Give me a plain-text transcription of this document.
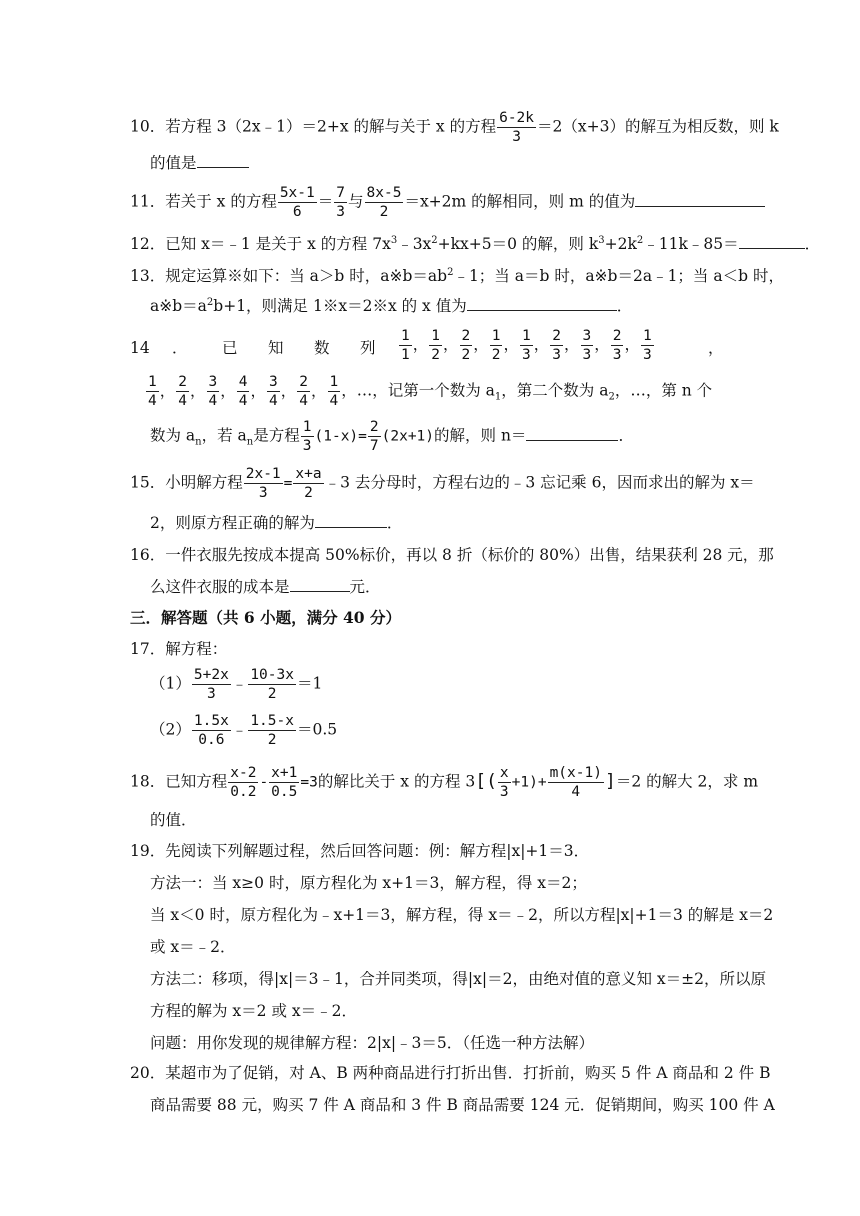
10．若方程 3（2x﹣1）＝2+x 的解与关于 x 的方程 $\frac{6-2k}{3} =2(x+3)$的解互为相反数，则 k
的值是
11．若关于 x 的方程 $\frac{5x-1}{6} = \frac{7}{3}$ 与 $\frac{8x-5}{2} =x+2m$ 的解相同，则 m 的值为
12．已知 x＝﹣1 是关于 x 的方程 $7x^3﹣3x^2+kx+5=0$ 的解，则 $k^3+2k^2﹣11k﹣85=$	．
13．规定运算※如下：当 a＞b 时，$a※b=ab^2﹣1$；当 a＝b 时，a※b＝2a﹣1；当 a＜b 时，
$a※b=a^2b+1$，则满足 1※x＝2※x 的 x 值为	．
14 ． 已 知 数 列 $\frac{1}{1}$ ， $\frac{1}{2}$ ， $\frac{2}{2}$ ， $\frac{1}{2}$ ， $\frac{1}{3}$ ， $\frac{2}{3}$ ， $\frac{3}{3}$ ， $\frac{2}{3}$ ， $\frac{1}{3}$	，
$\frac{1}{4}$ ， $\frac{2}{4}$ ， $\frac{3}{4}$ ， $\frac{4}{4}$ ， $\frac{3}{4}$ ， $\frac{2}{4}$ ， $\frac{1}{4}$ ，…，记第一个数为 $a_1$，第二个数为 $a_2$，…，第 n 个
数为 $a_n$，若 $a_n$是方程 $\frac{1}{3} (1-x)= \frac{2}{7} (2x+1)$的解，则 n＝	．
15．小明解方程 $\frac{2x-1}{3} = \frac{x+a}{2}$ ﹣3 去分母时，方程右边的﹣3 忘记乘 6，因而求出的解为 x＝
2，则原方程正确的解为	．
16．一件衣服先按成本提高 50%标价，再以 8 折（标价的 80%）出售，结果获利 28 元，那
么这件衣服的成本是	元．
三．解答题（共 6 小题，满分 40 分）
17．解方程：
$(1) \frac{5+2x}{3}$ ﹣ $\frac{10-3x}{2} =1$
$(2) \frac{1.5x}{0.6}$ ﹣ $\frac{1.5-x}{2} =0.5$
18．已知方程 $\frac{x-2}{0.2} - \frac{x+1}{0.5} =3$的解比关于 x 的方程 $3[( \frac{x}{3} +1)+ \frac{m(x-1)}{4} ]=2$ 的解大 2，求 m
的值．
19．先阅读下列解题过程，然后回答问题：例：解方程|x|+1＝3．
方法一：当 x≥0 时，原方程化为 x+1＝3，解方程，得 x＝2；
当 x＜0 时，原方程化为﹣x+1＝3，解方程，得 x＝﹣2，所以方程|x|+1＝3 的解是 x＝2
或 x＝﹣2．
方法二：移项，得|x|＝3﹣1，合并同类项，得|x|＝2，由绝对值的意义知 x＝±2，所以原
方程的解为 x＝2 或 x＝﹣2．
问题：用你发现的规律解方程：2|x|﹣3＝5．（任选一种方法解）
20．某超市为了促销，对 A、B 两种商品进行打折出售．打折前，购买 5 件 A 商品和 2 件 B
商品需要 88 元，购买 7 件 A 商品和 3 件 B 商品需要 124 元．促销期间，购买 100 件 A
